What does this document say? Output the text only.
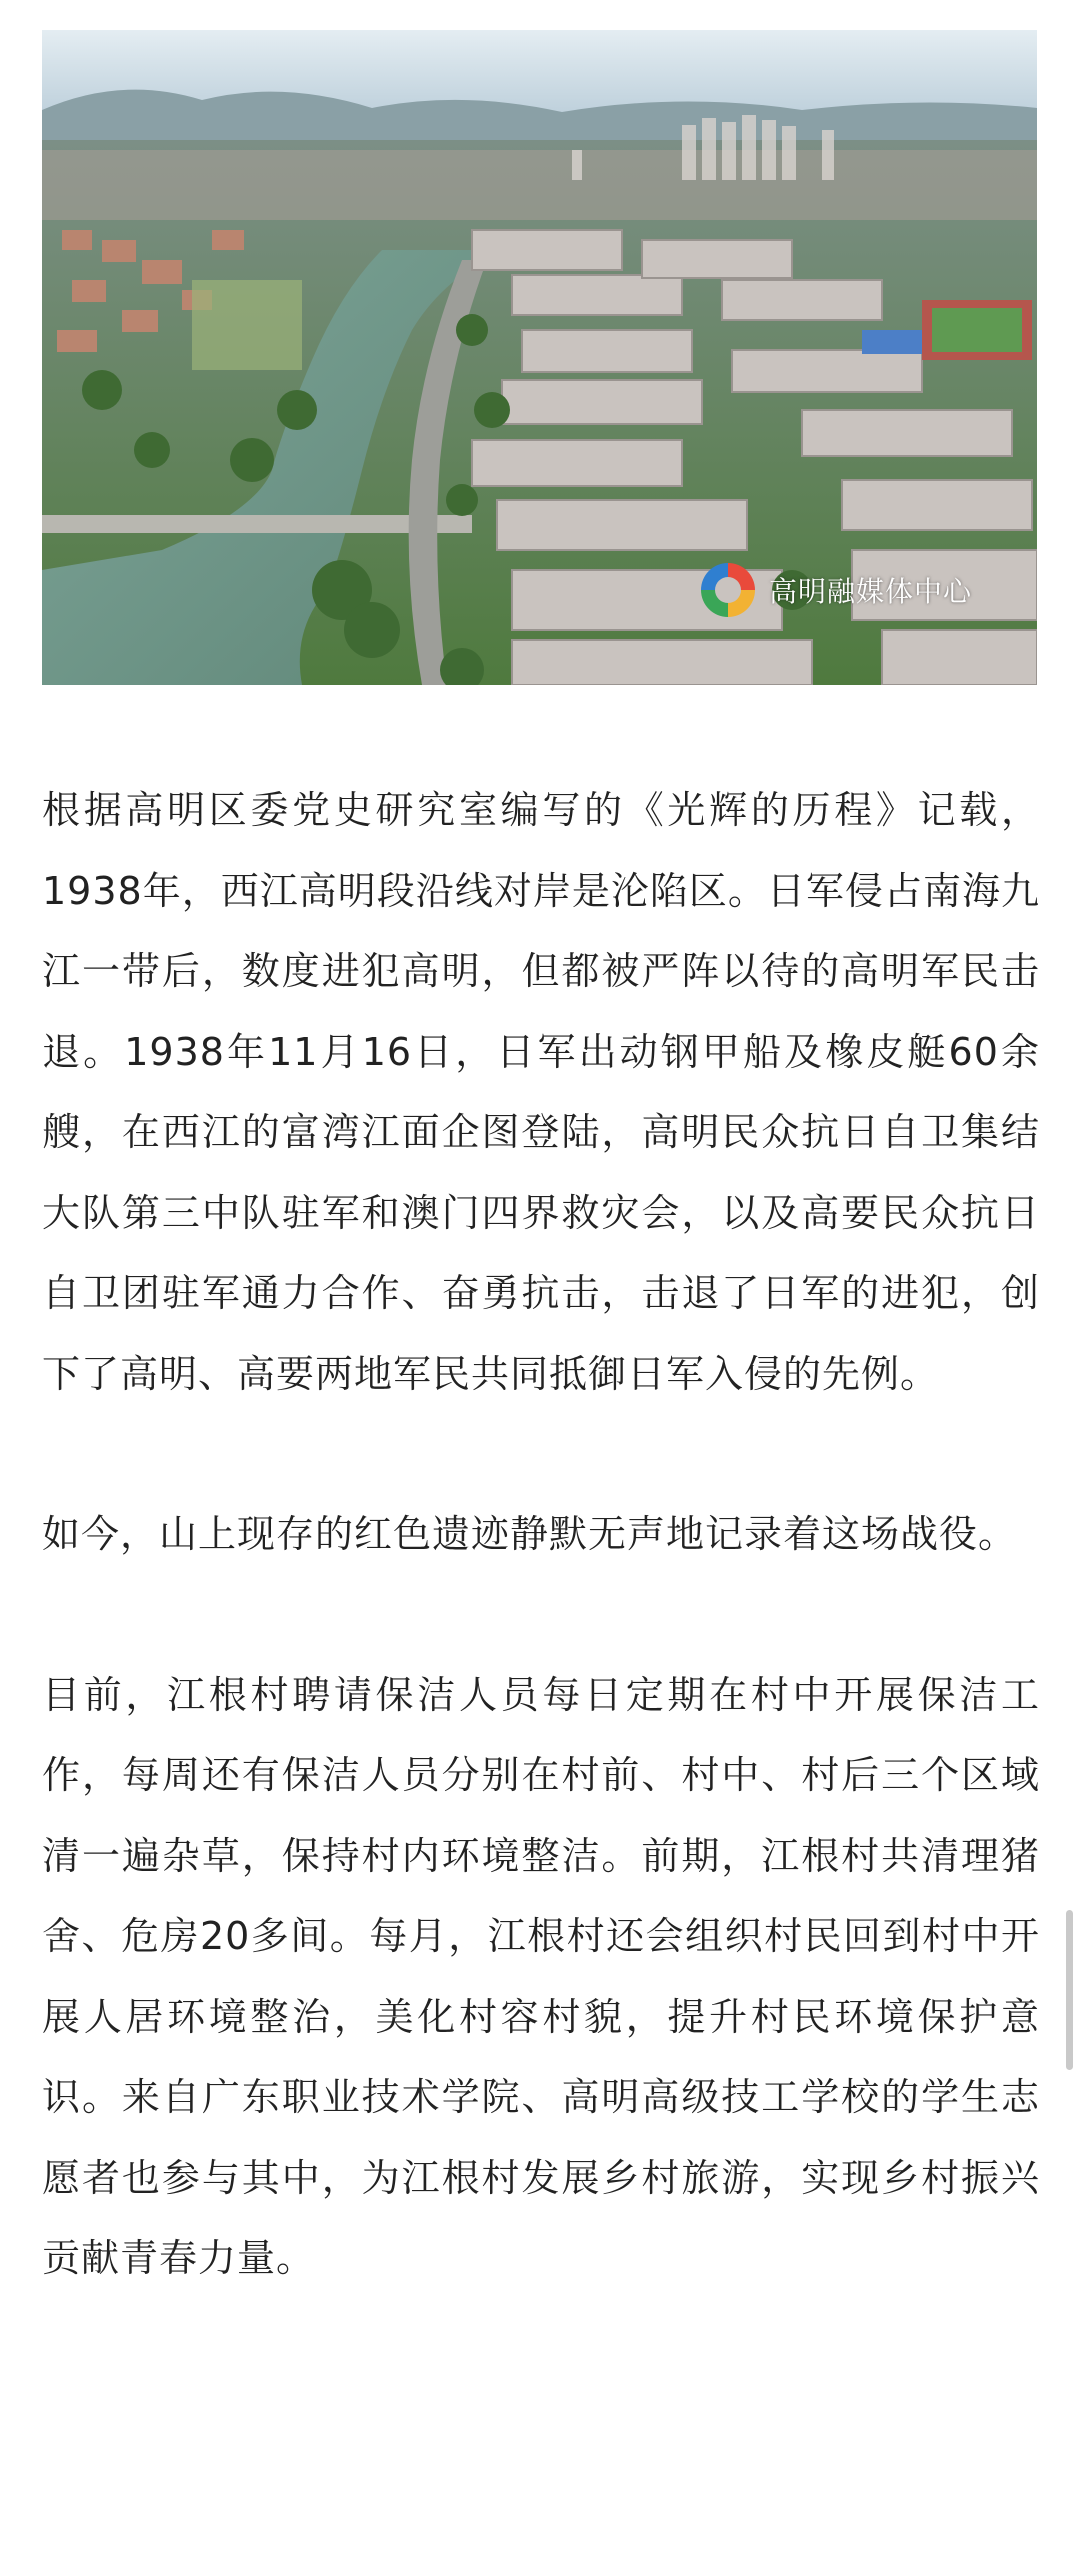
高明融媒体中心

根据高明区委党史研究室编写的《光辉的历程》记载，1938年，西江高明段沿线对岸是沦陷区。日军侵占南海九江一带后，数度进犯高明，但都被严阵以待的高明军民击退。1938年11月16日，日军出动钢甲船及橡皮艇60余艘，在西江的富湾江面企图登陆，高明民众抗日自卫集结大队第三中队驻军和澳门四界救灾会，以及高要民众抗日自卫团驻军通力合作、奋勇抗击，击退了日军的进犯，创下了高明、高要两地军民共同抵御日军入侵的先例。

如今，山上现存的红色遗迹静默无声地记录着这场战役。

目前，江根村聘请保洁人员每日定期在村中开展保洁工作，每周还有保洁人员分别在村前、村中、村后三个区域清一遍杂草，保持村内环境整洁。前期，江根村共清理猪舍、危房20多间。每月，江根村还会组织村民回到村中开展人居环境整治，美化村容村貌，提升村民环境保护意识。来自广东职业技术学院、高明高级技工学校的学生志愿者也参与其中，为江根村发展乡村旅游，实现乡村振兴贡献青春力量。
